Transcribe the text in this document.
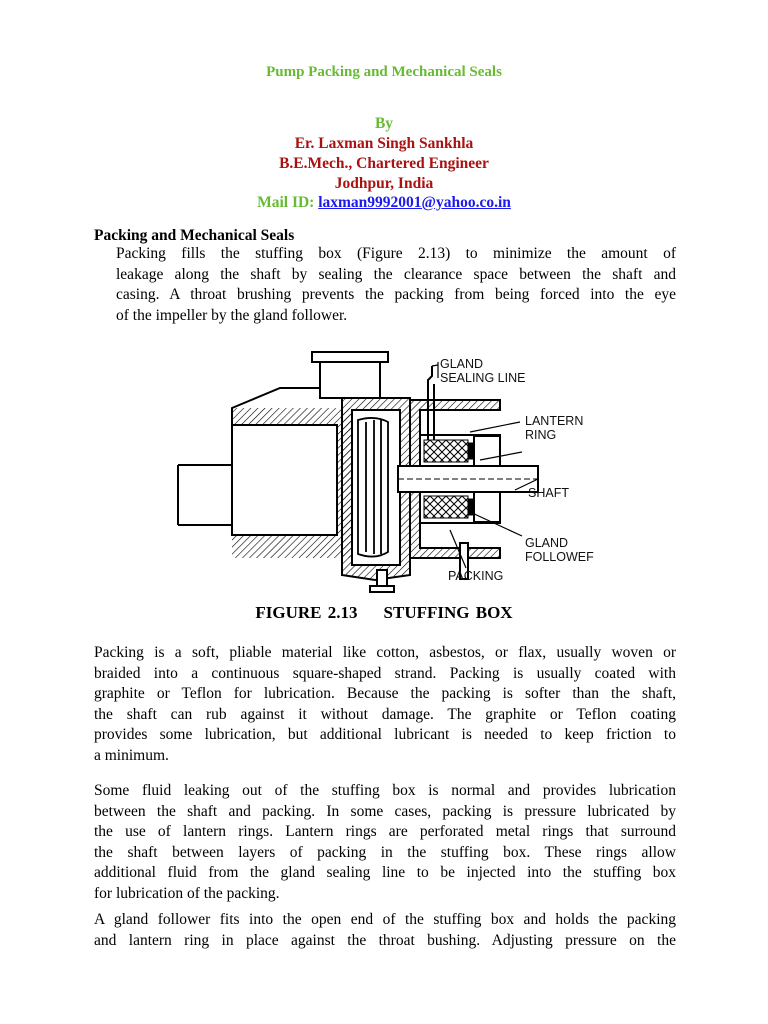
Pump Packing and Mechanical Seals
By
Er. Laxman Singh Sankhla
B.E.Mech., Chartered Engineer
Jodhpur, India
Mail ID: laxman9992001@yahoo.co.in
Packing and Mechanical Seals
Packing fills the stuffing box (Figure 2.13) to minimize the amount of
leakage along the shaft by sealing the clearance space between the shaft and
casing. A throat brushing prevents the packing from being forced into the eye
of the impeller by the gland follower.
GLAND
SEALING LINE
LANTERN
RING
SHAFT
GLAND
FOLLOWEF
PACKING
FIGURE 2.13 STUFFING BOX
Packing is a soft, pliable material like cotton, asbestos, or flax, usually woven or
braided into a continuous square-shaped strand. Packing is usually coated with
graphite or Teflon for lubrication. Because the packing is softer than the shaft,
the shaft can rub against it without damage. The graphite or Teflon coating
provides some lubrication, but additional lubricant is needed to keep friction to
a minimum.
Some fluid leaking out of the stuffing box is normal and provides lubrication
between the shaft and packing. In some cases, packing is pressure lubricated by
the use of lantern rings. Lantern rings are perforated metal rings that surround
the shaft between layers of packing in the stuffing box. These rings allow
additional fluid from the gland sealing line to be injected into the stuffing box
for lubrication of the packing.
A gland follower fits into the open end of the stuffing box and holds the packing
and lantern ring in place against the throat bushing. Adjusting pressure on the
